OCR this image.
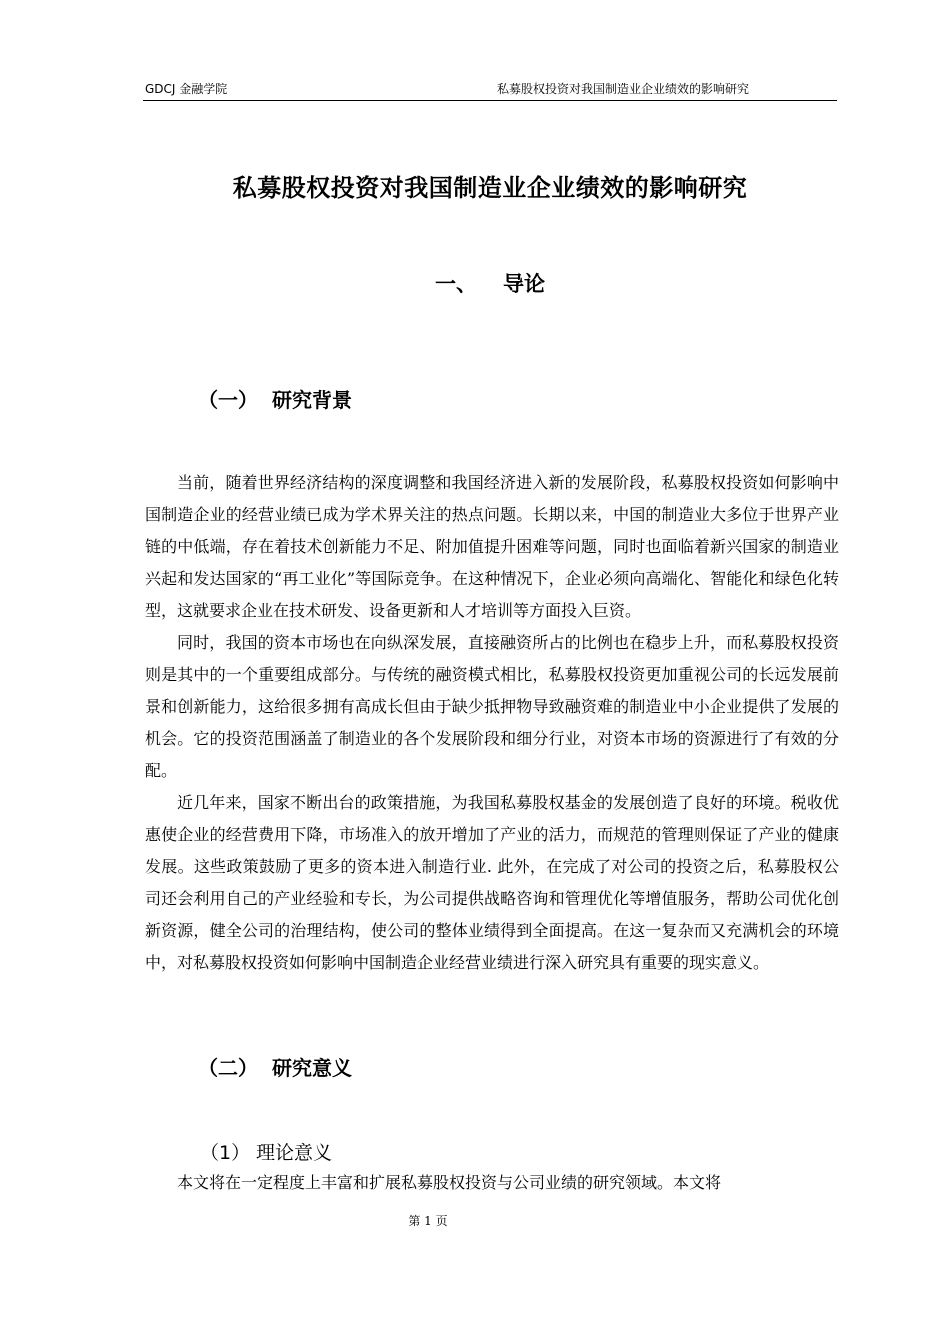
GDCJ 金融学院	私募股权投资对我国制造业企业绩效的影响研究
私募股权投资对我国制造业企业绩效的影响研究
一、 导论
（一） 研究背景

当前，随着世界经济结构的深度调整和我国经济进入新的发展阶段，私募股权投资如何影响中国制造企业的经营业绩已成为学术界关注的热点问题。长期以来，中国的制造业大多位于世界产业链的中低端，存在着技术创新能力不足、附加值提升困难等问题，同时也面临着新兴国家的制造业兴起和发达国家的“再工业化”等国际竞争。在这种情况下，企业必须向高端化、智能化和绿色化转型，这就要求企业在技术研发、设备更新和人才培训等方面投入巨资。

同时，我国的资本市场也在向纵深发展，直接融资所占的比例也在稳步上升，而私募股权投资则是其中的一个重要组成部分。与传统的融资模式相比，私募股权投资更加重视公司的长远发展前景和创新能力，这给很多拥有高成长但由于缺少抵押物导致融资难的制造业中小企业提供了发展的机会。它的投资范围涵盖了制造业的各个发展阶段和细分行业，对资本市场的资源进行了有效的分配。

近几年来，国家不断出台的政策措施，为我国私募股权基金的发展创造了良好的环境。税收优惠使企业的经营费用下降，市场准入的放开增加了产业的活力，而规范的管理则保证了产业的健康发展。这些政策鼓励了更多的资本进入制造行业. 此外，在完成了对公司的投资之后，私募股权公司还会利用自己的产业经验和专长，为公司提供战略咨询和管理优化等增值服务，帮助公司优化创新资源，健全公司的治理结构，使公司的整体业绩得到全面提高。在这一复杂而又充满机会的环境中，对私募股权投资如何影响中国制造企业经营业绩进行深入研究具有重要的现实意义。

（二） 研究意义
（1） 理论意义

本文将在一定程度上丰富和扩展私募股权投资与公司业绩的研究领域。本文将

第 1 页
